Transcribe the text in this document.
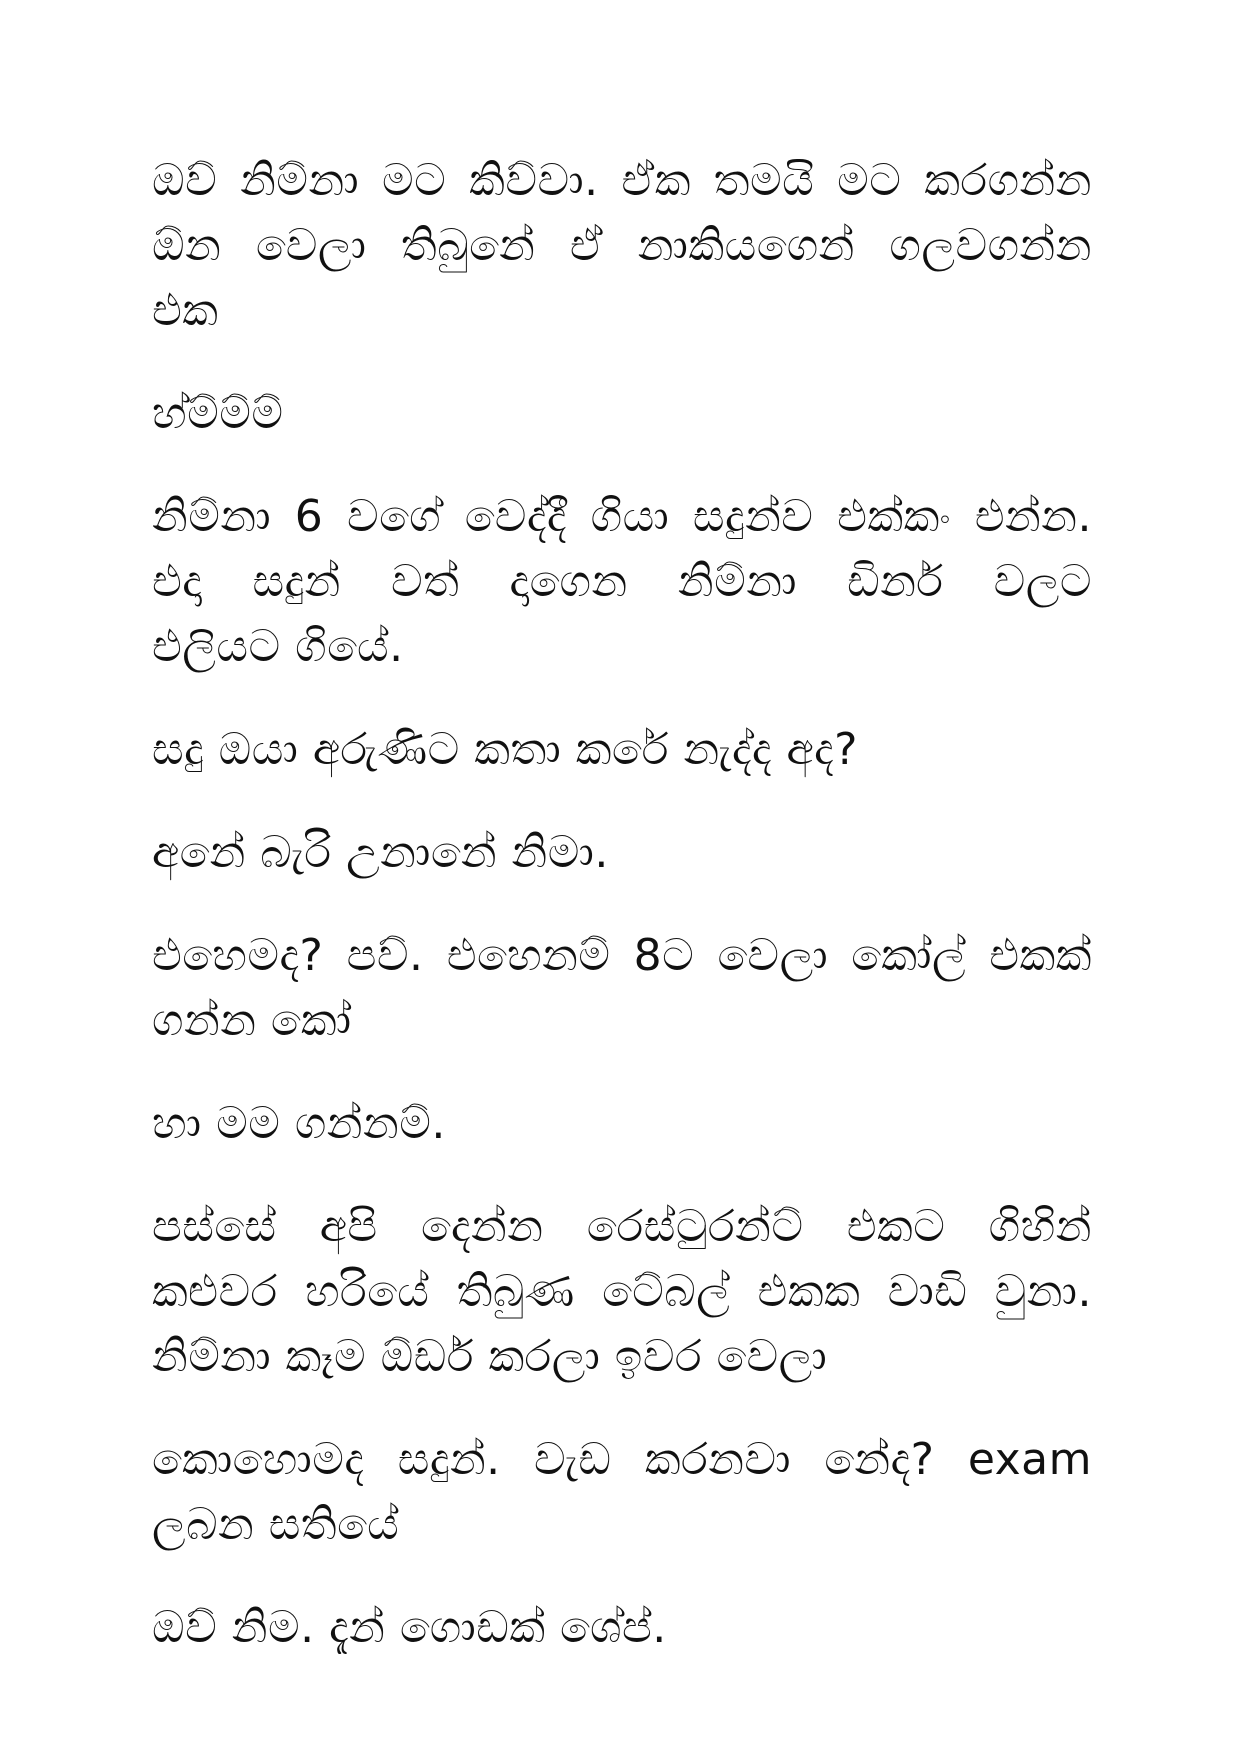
ඔව් නිම්නා මට කිව්වා. ඒක තමයි මට කරගන්න
ඕන වෙලා තිබුනේ ඒ නාකියගෙන් ගලවගන්න
එක

හ්ම්ම්ම්

නිම්නා 6 වගේ වෙද්දී ගියා සදුන්ව එක්කං එන්න.
එදා සදුන් වත් දාගෙන නිම්නා ඩිනර් වලට
එලියට ගියේ.

සදු ඔයා අරුණිට කතා කරේ නැද්ද අද?

අනේ බැරි උනානේ නිමා.

එහෙමද? පව්. එහෙනම් 8ට වෙලා කෝල් එකක්
ගන්න කෝ

හා මම ගන්නම්.

පස්සේ අපි දෙන්න රෙස්ටුරන්ට් එකට ගිහින්
කළුවර හරියේ තිබුණ ටේබල් එකක වාඩි වුනා.
නිම්නා කෑම ඕඩර් කරලා ඉවර වෙලා

කොහොමද සදුන්. වැඩ කරනවා නේද? exam
ලබන සතියේ

ඔව් නිම. දැන් ගොඩක් ශේප්.
